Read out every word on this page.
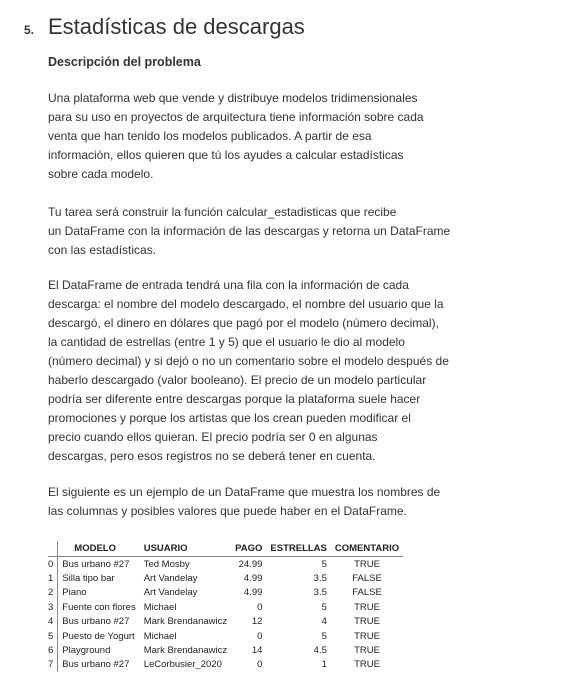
5. Estadísticas de descargas
Descripción del problema
Una plataforma web que vende y distribuye modelos tridimensionales
para su uso en proyectos de arquitectura tiene información sobre cada
venta que han tenido los modelos publicados. A partir de esa
información, ellos quieren que tú los ayudes a calcular estadísticas
sobre cada modelo.
Tu tarea será construir la función calcular_estadisticas que recibe
un DataFrame con la información de las descargas y retorna un DataFrame
con las estadísticas.
El DataFrame de entrada tendrá una fila con la información de cada
descarga: el nombre del modelo descargado, el nombre del usuario que la
descargó, el dinero en dólares que pagó por el modelo (número decimal),
la cantidad de estrellas (entre 1 y 5) que el usuario le dio al modelo
(número decimal) y si dejó o no un comentario sobre el modelo después de
haberlo descargado (valor booleano). El precio de un modelo particular
podría ser diferente entre descargas porque la plataforma suele hacer
promociones y porque los artistas que los crean pueden modificar el
precio cuando ellos quieran. El precio podría ser 0 en algunas
descargas, pero esos registros no se deberá tener en cuenta.
El siguiente es un ejemplo de un DataFrame que muestra los nombres de
las columnas y posibles valores que puede haber en el DataFrame.
	MODELO	USUARIO	PAGO	ESTRELLAS	COMENTARIO
0	Bus urbano #27	Ted Mosby	24.99	5	TRUE
1	Silla tipo bar	Art Vandelay	4.99	3.5	FALSE
2	Piano	Art Vandelay	4.99	3.5	FALSE
3	Fuente con flores	Michael	0	5	TRUE
4	Bus urbano #27	Mark Brendanawicz	12	4	TRUE
5	Puesto de Yogurt	Michael	0	5	TRUE
6	Playground	Mark Brendanawicz	14	4.5	TRUE
7	Bus urbano #27	LeCorbusier_2020	0	1	TRUE
